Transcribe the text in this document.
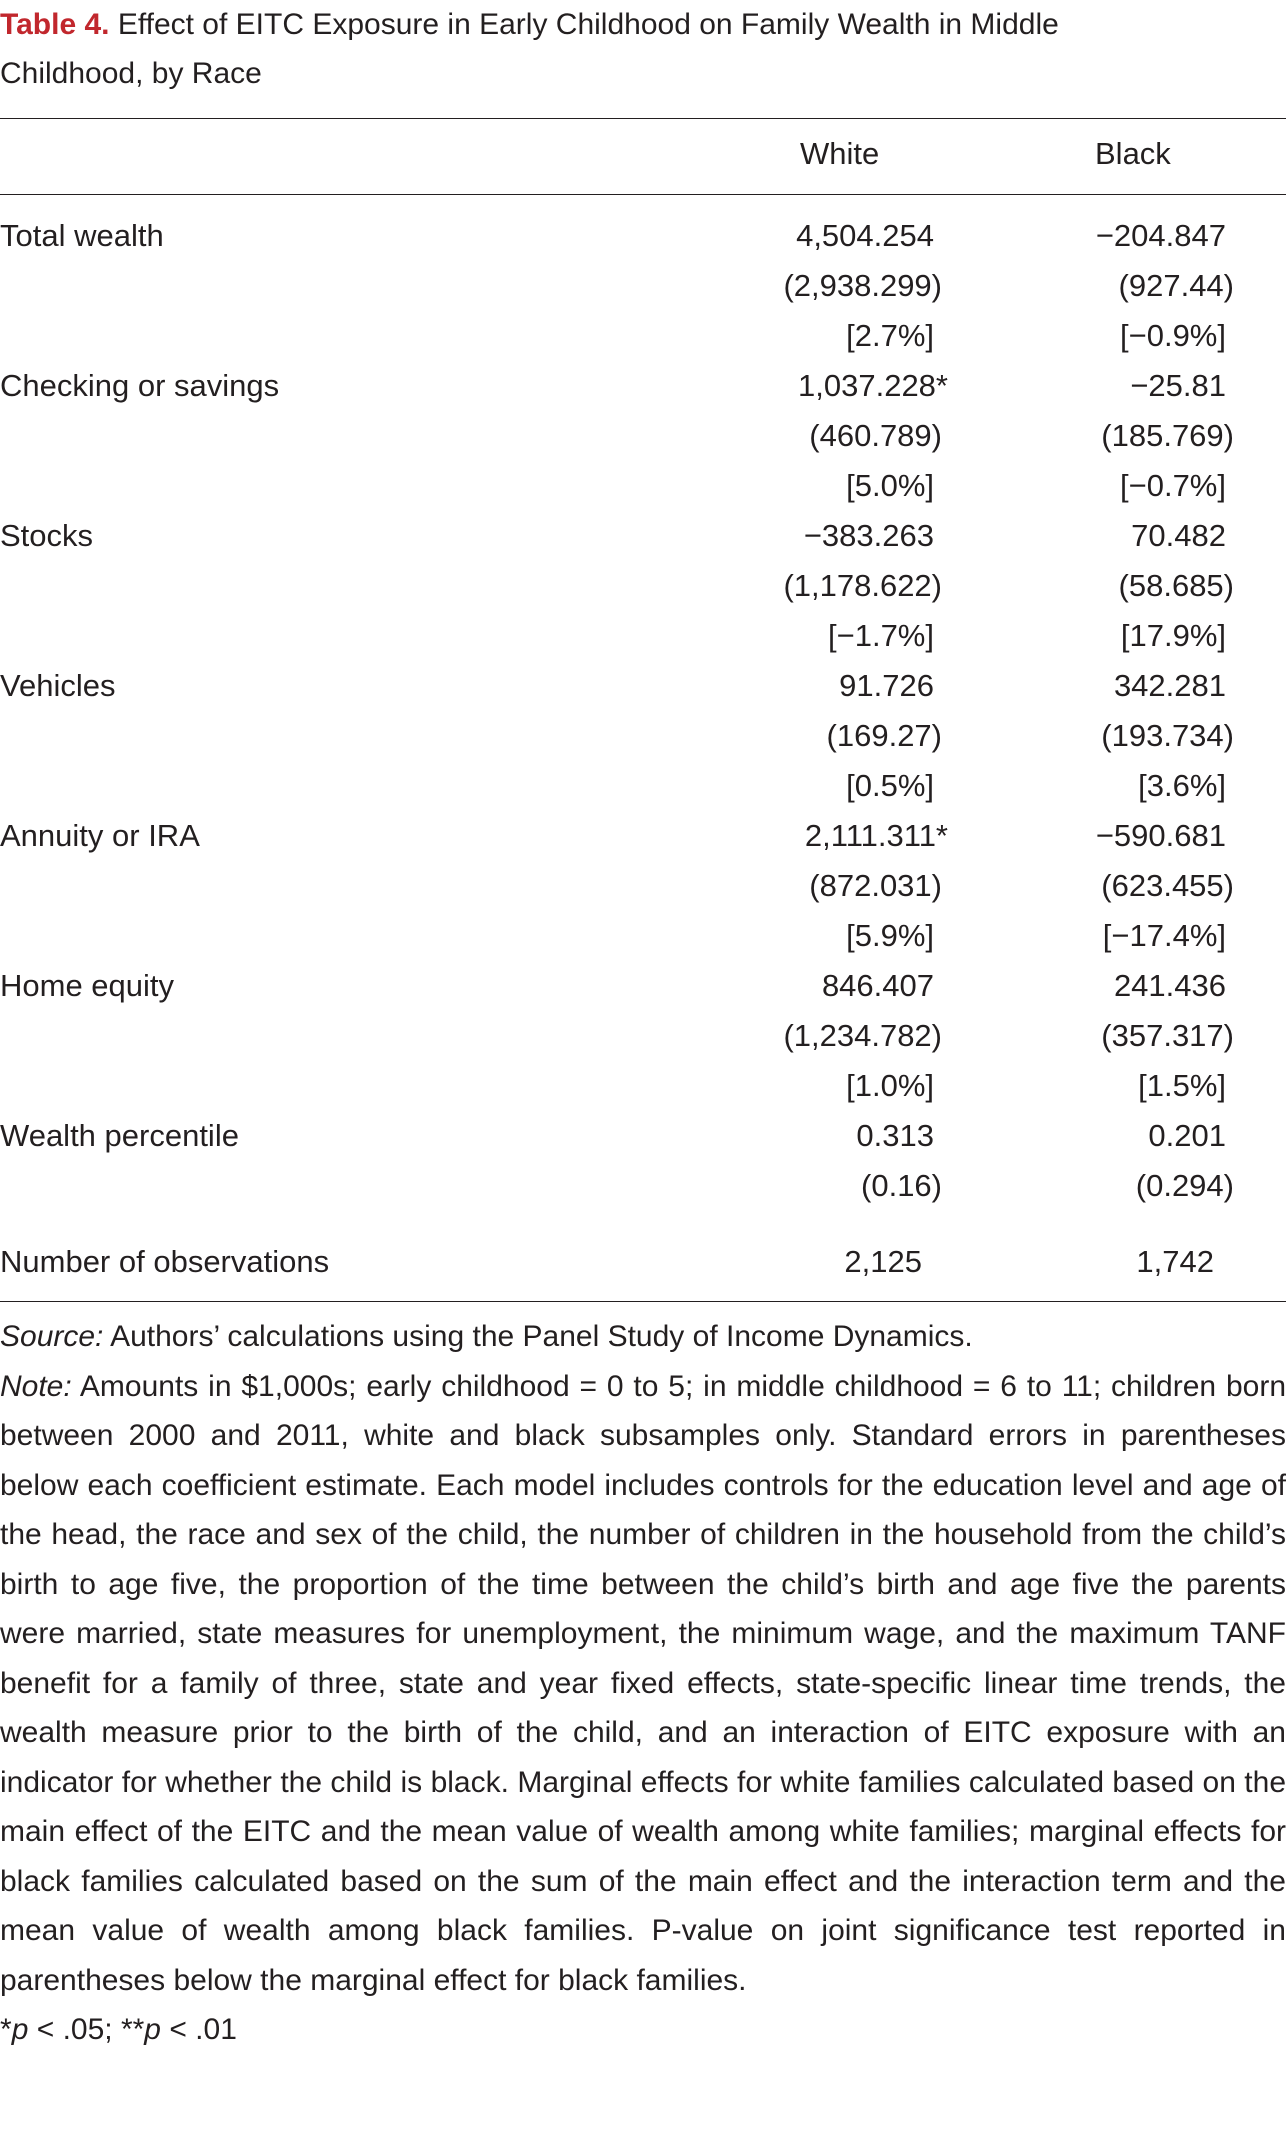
Table 4. Effect of EITC Exposure in Early Childhood on Family Wealth in Middle
Childhood, by Race
White	Black
Total wealth	4,504.254	−204.847
(2,938.299)	(927.44)
[2.7%]	[−0.9%]
Checking or savings	1,037.228*	−25.81
(460.789)	(185.769)
[5.0%]	[−0.7%]
Stocks	−383.263	70.482
(1,178.622)	(58.685)
[−1.7%]	[17.9%]
Vehicles	91.726	342.281
(169.27)	(193.734)
[0.5%]	[3.6%]
Annuity or IRA	2,111.311*	−590.681
(872.031)	(623.455)
[5.9%]	[−17.4%]
Home equity	846.407	241.436
(1,234.782)	(357.317)
[1.0%]	[1.5%]
Wealth percentile	0.313	0.201
(0.16)	(0.294)
Number of observations	2,125	1,742

Source: Authors’ calculations using the Panel Study of Income Dynamics.

Note: Amounts in $1,000s; early childhood = 0 to 5; in middle childhood = 6 to 11; children born between 2000 and 2011, white and black subsamples only. Standard errors in parentheses below each coefficient estimate. Each model includes controls for the education level and age of the head, the race and sex of the child, the number of children in the household from the child’s birth to age five, the proportion of the time between the child’s birth and age five the parents were married, state measures for unemployment, the minimum wage, and the maximum TANF benefit for a family of three, state and year fixed effects, state-specific linear time trends, the wealth measure prior to the birth of the child, and an interaction of EITC exposure with an indicator for whether the child is black. Marginal effects for white families calculated based on the main effect of the EITC and the mean value of wealth among white families; marginal effects for black families calculated based on the sum of the main effect and the interaction term and the mean value of wealth among black families. P-value on joint significance test reported in parentheses below the marginal effect for black families.

*p < .05; **p < .01
